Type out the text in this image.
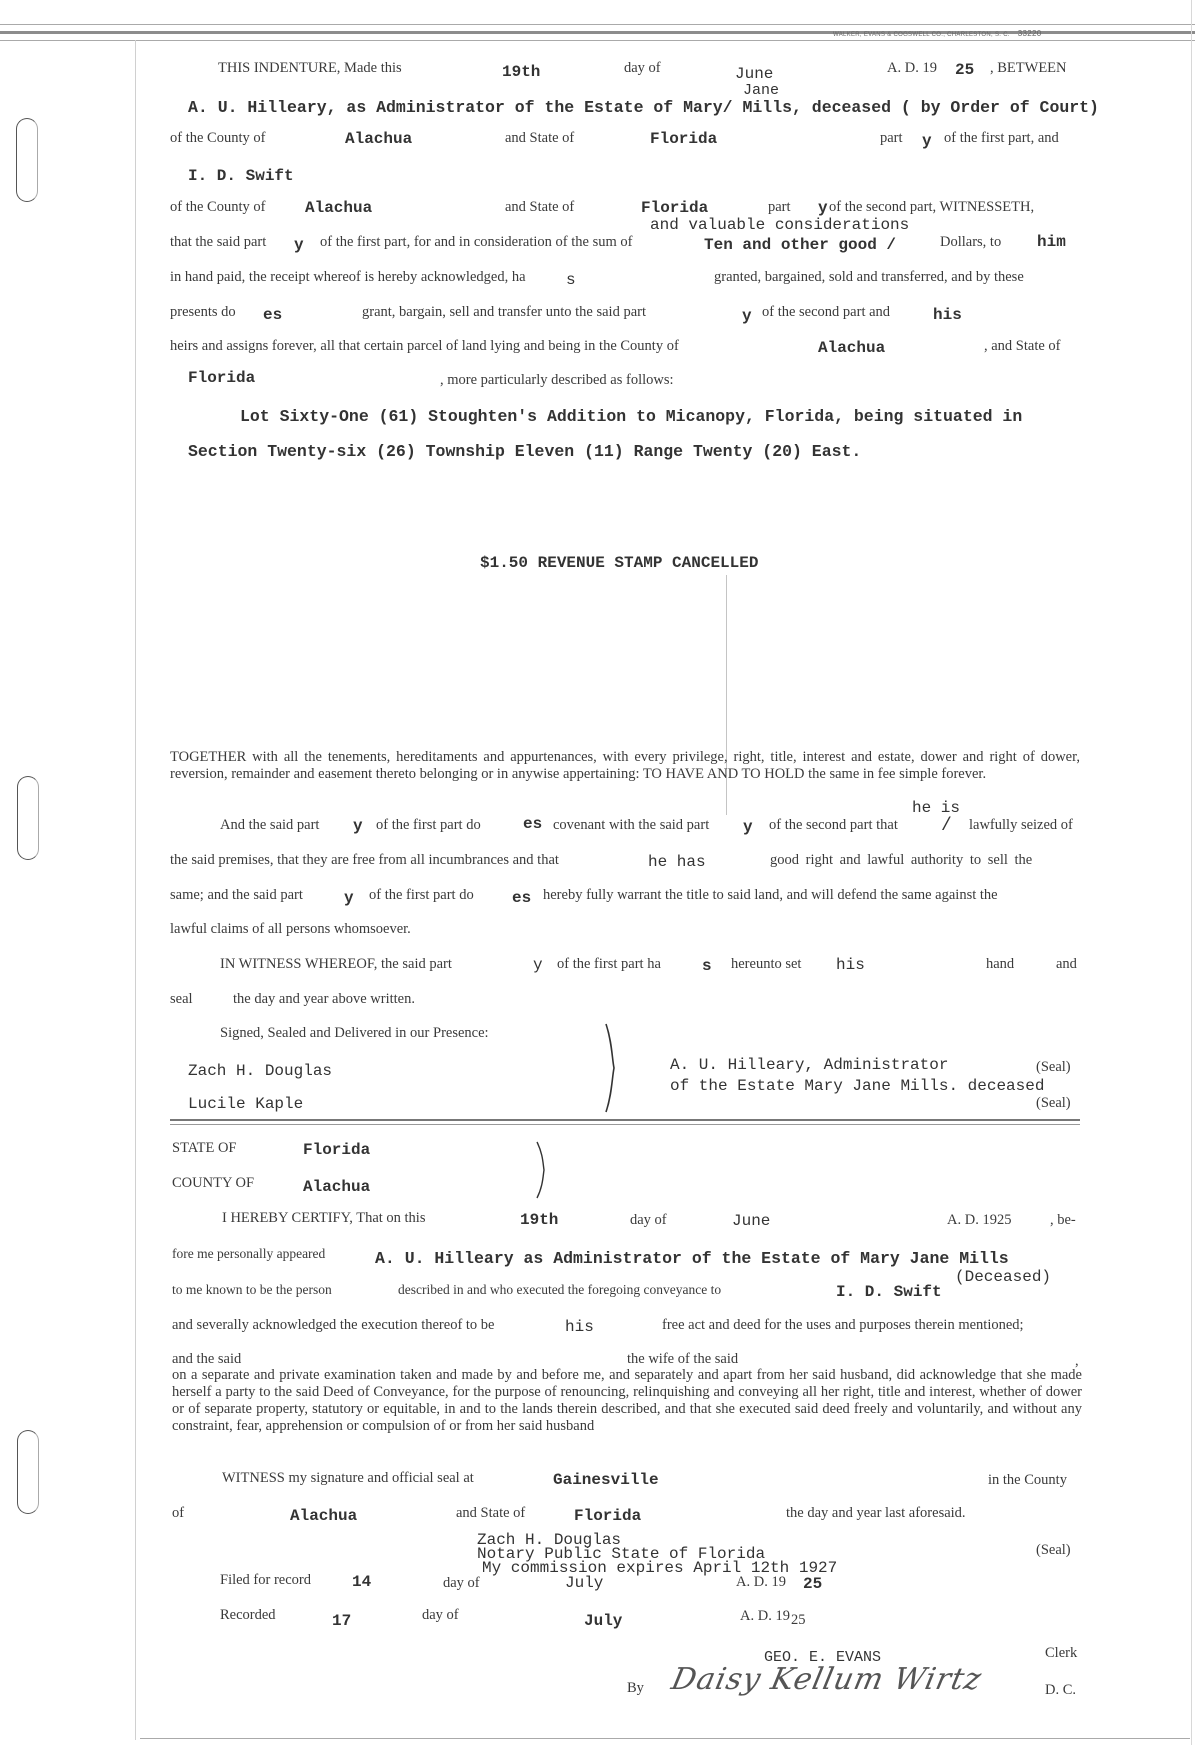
WALKER, EVANS & COGSWELL CO., CHARLESTON, S. C. 33220
THIS INDENTURE, Made this	19th	day of	June	A. D. 19 25 , BETWEEN
Jane
A. U. Hilleary, as Administrator of the Estate of Mary/ Mills, deceased ( by Order of Court)
of the County of	Alachua	and State of	Florida	part y of the first part, and
I. D. Swift
of the County of Alachua	and State of	Florida	part y of the second part, WITNESSETH,
and valuable considerations
that the said part y of the first part, for and in consideration of the sum of	Ten and other good /	Dollars, to him
in hand paid, the receipt whereof is hereby acknowledged, ha	s	granted, bargained, sold and transferred, and by these
presents do es	grant, bargain, sell and transfer unto the said part	y of the second part and	his
heirs and assigns forever, all that certain parcel of land lying and being in the County of	Alachua	, and State of
Florida	, more particularly described as follows:
Lot Sixty-One (61) Stoughten's Addition to Micanopy, Florida, being situated in
Section Twenty-six (26) Township Eleven (11) Range Twenty (20) East.
$1.50 REVENUE STAMP CANCELLED
TOGETHER with all the tenements, hereditaments and appurtenances, with every privilege, right, title, interest and estate, dower and right of dower, reversion, remainder and easement thereto belonging or in anywise appertaining: TO HAVE AND TO HOLD the same in fee simple forever.
he is
And the said part y of the first part do	es covenant with the said part y of the second part that / lawfully seized of
the said premises, that they are free from all incumbrances and that	he has	good right and lawful authority to sell the
same; and the said part	y of the first part do es hereby fully warrant the title to said land, and will defend the same against the
lawful claims of all persons whomsoever.
IN WITNESS WHEREOF, the said part	y of the first part ha	s hereunto set his	hand	and
seal	the day and year above written.
Signed, Sealed and Delivered in our Presence:
Zach H. Douglas
Lucile Kaple
A. U. Hilleary, Administrator
of the Estate Mary Jane Mills. deceased
(Seal)
(Seal)
STATE OF	Florida
COUNTY OF	Alachua
I HEREBY CERTIFY, That on this	19th	day of	June	A. D. 1925	, be-
fore me personally appeared	A. U. Hilleary as Administrator of the Estate of Mary Jane Mills
(Deceased)
to me known to be the person	described in and who executed the foregoing conveyance to	I. D. Swift
and severally acknowledged the execution thereof to be	his	free act and deed for the uses and purposes therein mentioned;
and the said	the wife of the said	,
on a separate and private examination taken and made by and before me, and separately and apart from her said husband, did acknowledge that she made herself a party to the said Deed of Conveyance, for the purpose of renouncing, relinquishing and conveying all her right, title and interest, whether of dower or of separate property, statutory or equitable, in and to the lands therein described, and that she executed said deed freely and voluntarily, and without any constraint, fear, apprehension or compulsion of or from her said husband
WITNESS my signature and official seal at	Gainesville	in the County
of	Alachua	and State of	Florida	the day and year last aforesaid.
Zach H. Douglas
Notary Public State of Florida
My commission expires April 12th 1927
(Seal)
Filed for record	14	day of	July	A. D. 19 25
Recorded	17	day of	July	A. D. 19 25
GEO. E. EVANS	Clerk
By Daisy Kellum Wirtz	D. C.
